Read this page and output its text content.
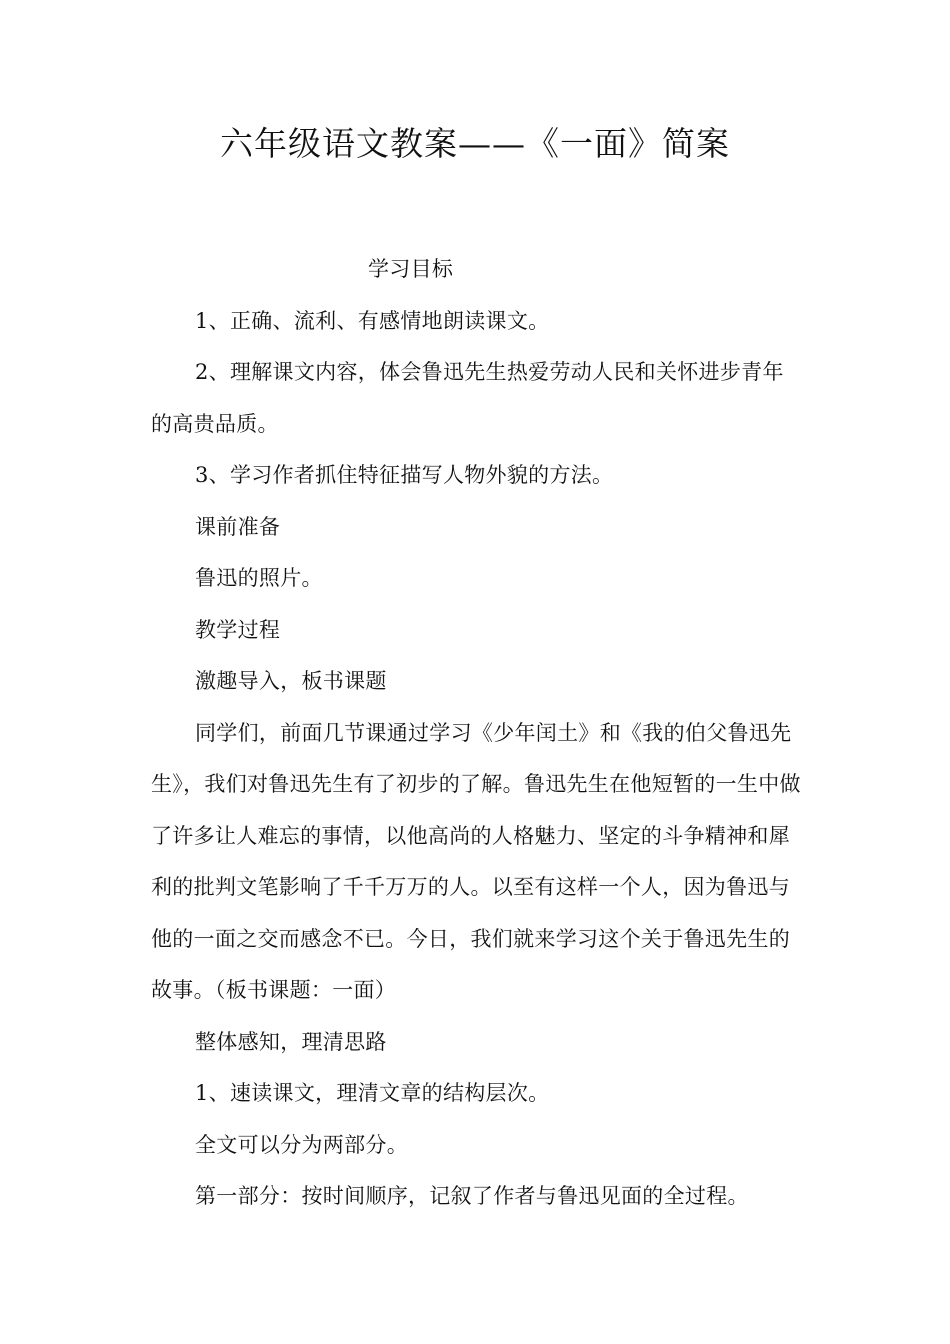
六年级语文教案——《一面》简案

学习目标

1、正确、流利、有感情地朗读课文。

2、理解课文内容，体会鲁迅先生热爱劳动人民和关怀进步青年的高贵品质。

3、学习作者抓住特征描写人物外貌的方法。

课前准备

鲁迅的照片。

教学过程

激趣导入，板书课题

同学们，前面几节课通过学习《少年闰土》和《我的伯父鲁迅先生》，我们对鲁迅先生有了初步的了解。鲁迅先生在他短暂的一生中做了许多让人难忘的事情，以他高尚的人格魅力、坚定的斗争精神和犀利的批判文笔影响了千千万万的人。以至有这样一个人，因为鲁迅与他的一面之交而感念不已。今日，我们就来学习这个关于鲁迅先生的故事。（板书课题：一面）

整体感知，理清思路

1、速读课文，理清文章的结构层次。

全文可以分为两部分。

第一部分：按时间顺序，记叙了作者与鲁迅见面的全过程。
